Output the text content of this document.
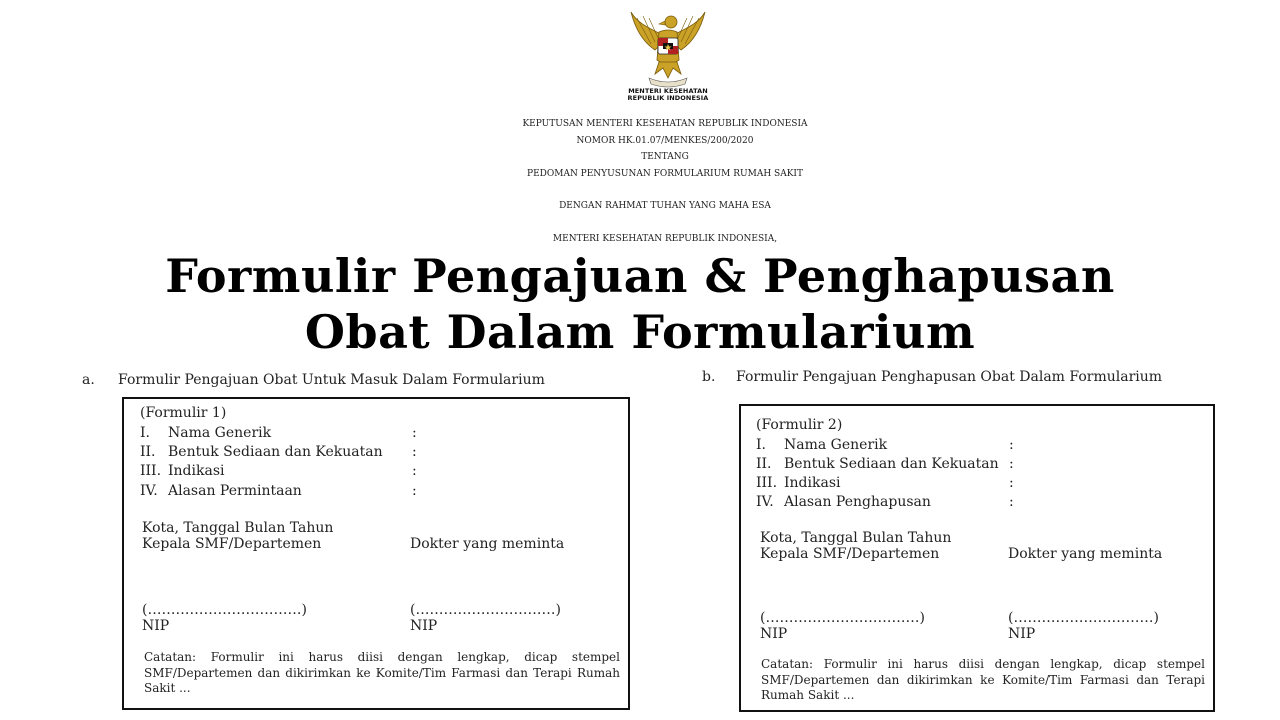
MENTERI KESEHATAN
REPUBLIK INDONESIA
KEPUTUSAN MENTERI KESEHATAN REPUBLIK INDONESIA
NOMOR HK.01.07/MENKES/200/2020
TENTANG
PEDOMAN PENYUSUNAN FORMULARIUM RUMAH SAKIT
DENGAN RAHMAT TUHAN YANG MAHA ESA
MENTERI KESEHATAN REPUBLIK INDONESIA,
Formulir Pengajuan & Penghapusan
Obat Dalam Formularium
a. Formulir Pengajuan Obat Untuk Masuk Dalam Formularium
(Formulir 1)
I. Nama Generik	:
II. Bentuk Sediaan dan Kekuatan	:
III. Indikasi	:
IV. Alasan Permintaan	:
Kota, Tanggal Bulan Tahun
Kepala SMF/Departemen	Dokter yang meminta
(……………………………)	(…………………………)
NIP	NIP
Catatan: Formulir ini harus diisi dengan lengkap, dicap stempel SMF/Departemen dan dikirimkan ke Komite/Tim Farmasi dan Terapi Rumah Sakit ...
b. Formulir Pengajuan Penghapusan Obat Dalam Formularium
(Formulir 2)
I. Nama Generik	:
II. Bentuk Sediaan dan Kekuatan :
III. Indikasi	:
IV. Alasan Penghapusan	:
Kota, Tanggal Bulan Tahun
Kepala SMF/Departemen	Dokter yang meminta
(……………………………)	(…………………………)
NIP	NIP
Catatan: Formulir ini harus diisi dengan lengkap, dicap stempel SMF/Departemen dan dikirimkan ke Komite/Tim Farmasi dan Terapi Rumah Sakit ...
